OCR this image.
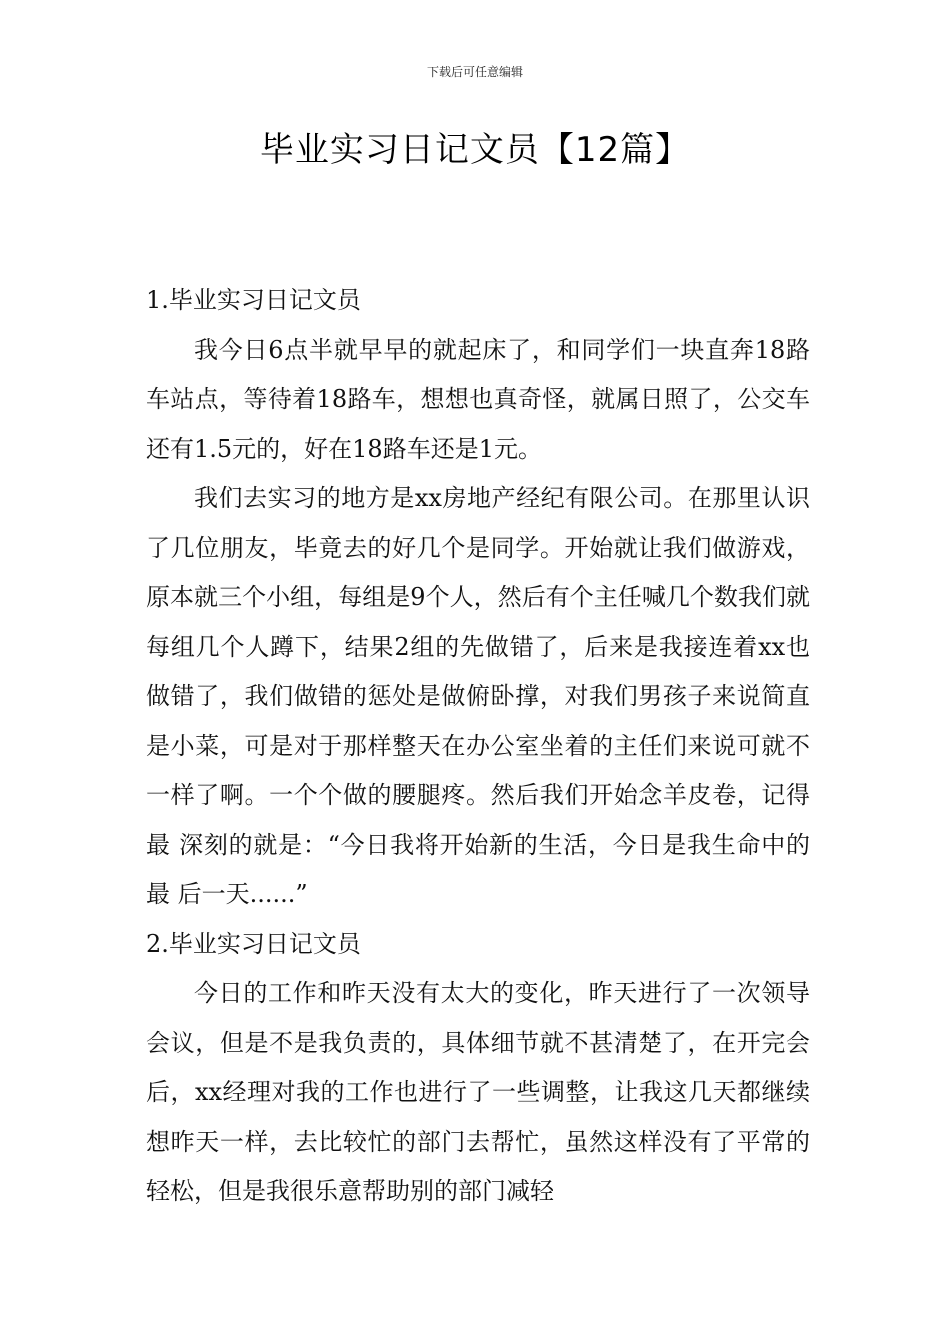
下载后可任意编辑
毕业实习日记文员【12篇】
1.毕业实习日记文员

我今日6点半就早早的就起床了，和同学们一块直奔18路车站点，等待着18路车，想想也真奇怪，就属日照了，公交车还有1.5元的，好在18路车还是1元。

我们去实习的地方是xx房地产经纪有限公司。在那里认识了几位朋友，毕竟去的好几个是同学。开始就让我们做游戏，原本就三个小组，每组是9个人，然后有个主任喊几个数我们就每组几个人蹲下，结果2组的先做错了，后来是我接连着xx也做错了，我们做错的惩处是做俯卧撑，对我们男孩子来说简直是小菜，可是对于那样整天在办公室坐着的主任们来说可就不一样了啊。一个个做的腰腿疼。然后我们开始念羊皮卷，记得最 深刻的就是：“今日我将开始新的生活，今日是我生命中的最 后一天......”

2.毕业实习日记文员

今日的工作和昨天没有太大的变化，昨天进行了一次领导会议，但是不是我负责的，具体细节就不甚清楚了，在开完会后，xx经理对我的工作也进行了一些调整，让我这几天都继续想昨天一样，去比较忙的部门去帮忙，虽然这样没有了平常的轻松，但是我很乐意帮助别的部门减轻
